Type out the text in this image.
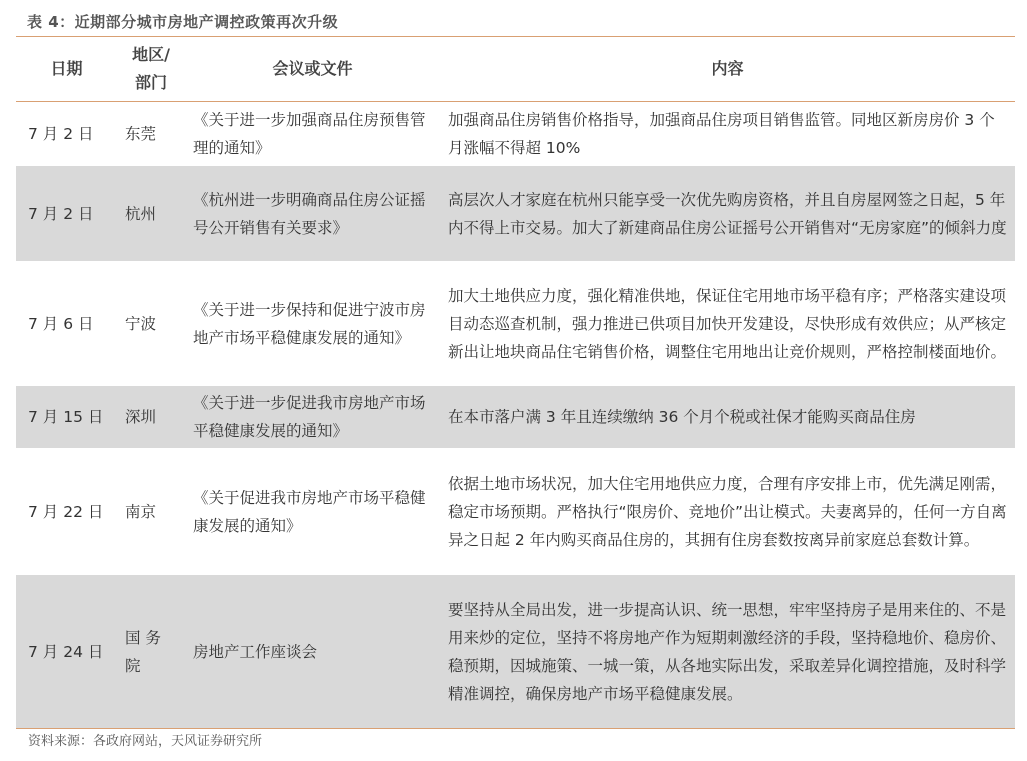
表 4：近期部分城市房地产调控政策再次升级
日期	地区/部门	会议或文件	内容
7 月 2 日	东莞	《关于进一步加强商品住房预售管理的通知》	加强商品住房销售价格指导，加强商品住房项目销售监管。同地区新房房价 3 个月涨幅不得超 10%
7 月 2 日	杭州	《杭州进一步明确商品住房公证摇号公开销售有关要求》	高层次人才家庭在杭州只能享受一次优先购房资格，并且自房屋网签之日起，5 年内不得上市交易。加大了新建商品住房公证摇号公开销售对“无房家庭”的倾斜力度
7 月 6 日	宁波	《关于进一步保持和促进宁波市房地产市场平稳健康发展的通知》	加大土地供应力度，强化精准供地，保证住宅用地市场平稳有序；严格落实建设项目动态巡查机制，强力推进已供项目加快开发建设，尽快形成有效供应；从严核定新出让地块商品住宅销售价格，调整住宅用地出让竞价规则，严格控制楼面地价。
7 月 15 日	深圳	《关于进一步促进我市房地产市场平稳健康发展的通知》	在本市落户满 3 年且连续缴纳 36 个月个税或社保才能购买商品住房
7 月 22 日	南京	《关于促进我市房地产市场平稳健康发展的通知》	依据土地市场状况，加大住宅用地供应力度，合理有序安排上市，优先满足刚需，稳定市场预期。严格执行“限房价、竞地价”出让模式。夫妻离异的，任何一方自离异之日起 2 年内购买商品住房的，其拥有住房套数按离异前家庭总套数计算。
7 月 24 日	国 务 院	房地产工作座谈会	要坚持从全局出发，进一步提高认识、统一思想，牢牢坚持房子是用来住的、不是用来炒的定位，坚持不将房地产作为短期刺激经济的手段，坚持稳地价、稳房价、稳预期，因城施策、一城一策，从各地实际出发，采取差异化调控措施，及时科学精准调控，确保房地产市场平稳健康发展。
资料来源：各政府网站，天风证券研究所
